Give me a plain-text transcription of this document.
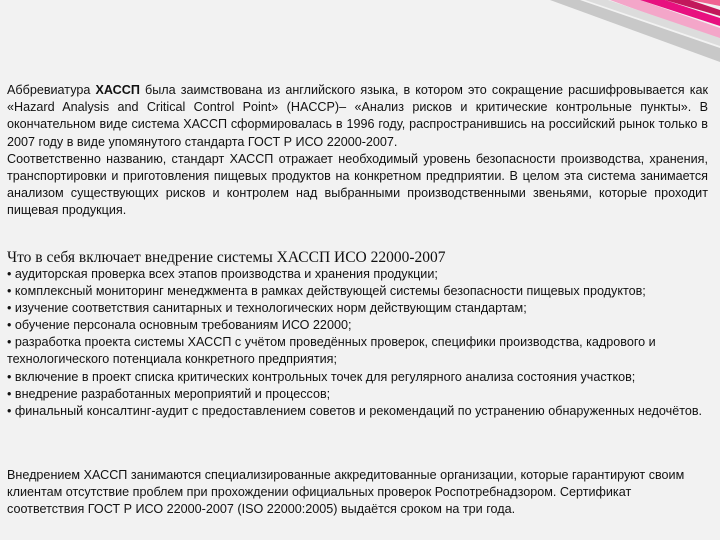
Аббревиатура ХАССП была заимствована из английского языка, в котором это сокращение расшифровывается как «Hazard Analysis and Critical Control Point» (HACCP)– «Анализ рисков и критические контрольные пункты». В окончательном виде система ХАССП сформировалась в 1996 году, распространившись на российский рынок только в 2007 году в виде упомянутого стандарта ГОСТ Р ИСО 22000-2007.

Соответственно названию, стандарт ХАССП отражает необходимый уровень безопасности производства, хранения, транспортировки и приготовления пищевых продуктов на конкретном предприятии. В целом эта система занимается анализом существующих рисков и контролем над выбранными производственными звеньями, которые проходит пищевая продукция.

Что в себя включает внедрение системы ХАССП ИСО 22000-2007
• аудиторская проверка всех этапов производства и хранения продукции;
• комплексный мониторинг менеджмента в рамках действующей системы безопасности пищевых продуктов;
• изучение соответствия санитарных и технологических норм действующим стандартам;
• обучение персонала основным требованиям ИСО 22000;
• разработка проекта системы ХАССП с учётом проведённых проверок, специфики производства, кадрового и технологического потенциала конкретного предприятия;
• включение в проект списка критических контрольных точек для регулярного анализа состояния участков;
• внедрение разработанных мероприятий и процессов;
• финальный консалтинг-аудит с предоставлением советов и рекомендаций по устранению обнаруженных недочётов.

Внедрением ХАССП занимаются специализированные аккредитованные организации, которые гарантируют своим клиентам отсутствие проблем при прохождении официальных проверок Роспотребнадзором. Сертификат соответствия ГОСТ Р ИСО 22000-2007 (ISO 22000:2005) выдаётся сроком на три года.
